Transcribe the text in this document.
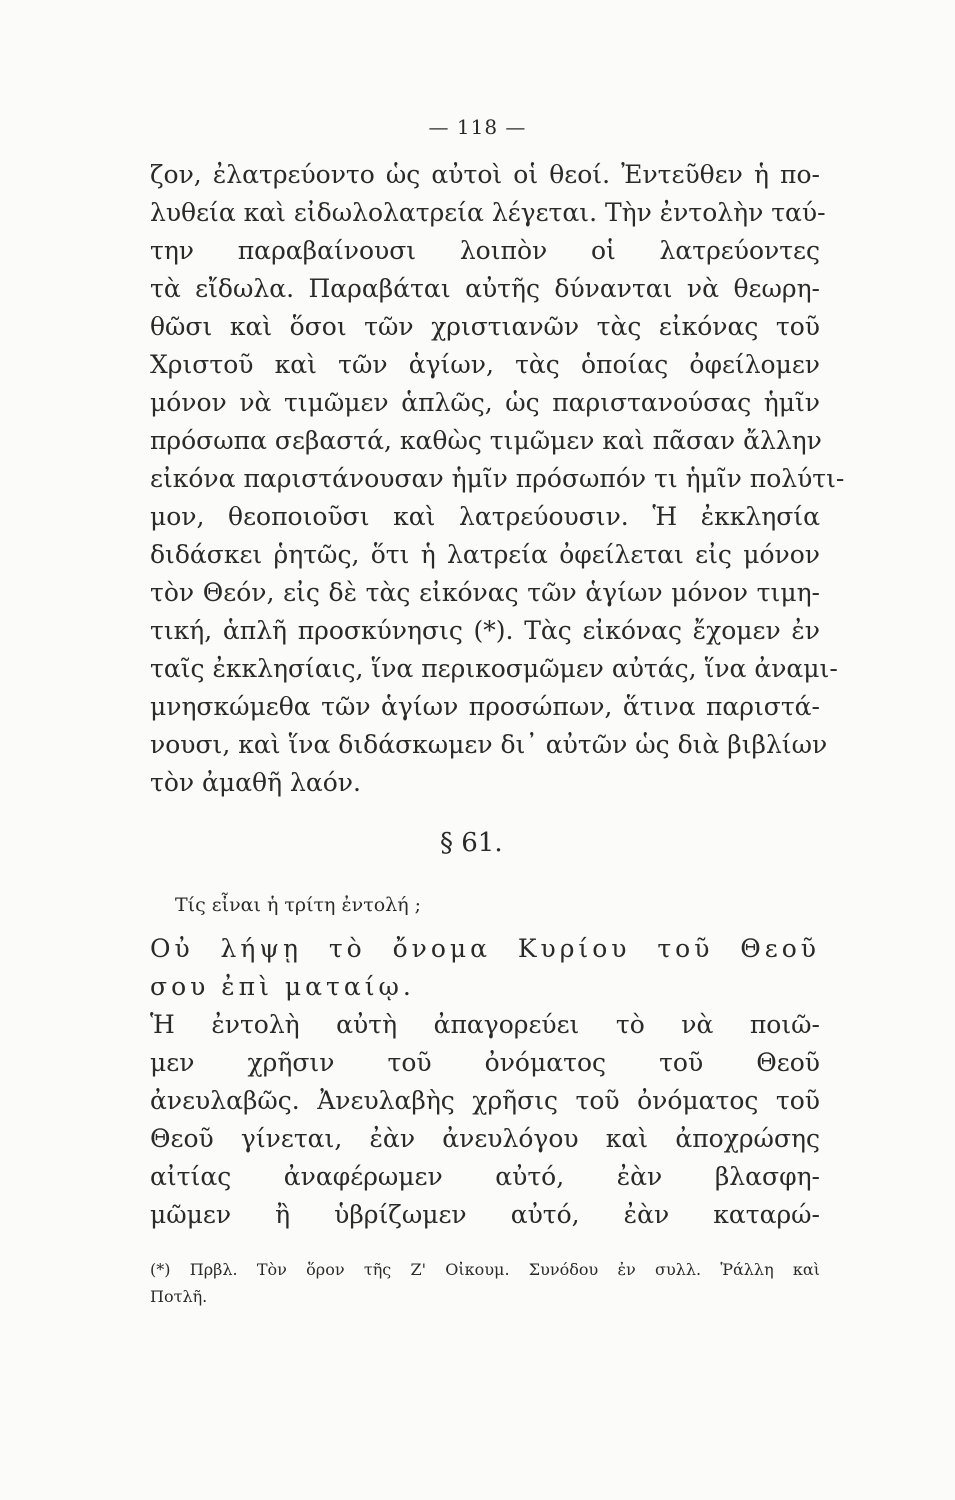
— 118 —
ζον, ἐλατρεύοντο ὡς αὐτοὶ οἱ θεοί. Ἐντεῦθεν ἡ πο-
λυθεία καὶ εἰδωλολατρεία λέγεται. Τὴν ἐντολὴν ταύ-
την παραβαίνουσι λοιπὸν οἱ λατρεύοντες
τὰ εἴδωλα. Παραβάται αὐτῆς δύνανται νὰ θεωρη-
θῶσι καὶ ὅσοι τῶν χριστιανῶν τὰς εἰκόνας τοῦ
Χριστοῦ καὶ τῶν ἁγίων, τὰς ὁποίας ὀφείλομεν
μόνον νὰ τιμῶμεν ἁπλῶς, ὡς παριστανούσας ἡμῖν
πρόσωπα σεβαστά, καθὼς τιμῶμεν καὶ πᾶσαν ἄλλην
εἰκόνα παριστάνουσαν ἡμῖν πρόσωπόν τι ἡμῖν πολύτι-
μον, θεοποιοῦσι καὶ λατρεύουσιν. Ἡ ἐκκλησία
διδάσκει ῥητῶς, ὅτι ἡ λατρεία ὀφείλεται εἰς μόνον
τὸν Θεόν, εἰς δὲ τὰς εἰκόνας τῶν ἁγίων μόνον τιμη-
τική, ἁπλῆ προσκύνησις (*). Τὰς εἰκόνας ἔχομεν ἐν
ταῖς ἐκκλησίαις, ἵνα περικοσμῶμεν αὐτάς, ἵνα ἀναμι-
μνησκώμεθα τῶν ἁγίων προσώπων, ἅτινα παριστά-
νουσι, καὶ ἵνα διδάσκωμεν δι᾽ αὐτῶν ὡς διὰ βιβλίων
τὸν ἀμαθῆ λαόν.
§ 61.
Τίς εἶναι ἡ τρίτη ἐντολή ;
Οὐ λήψῃ τὸ ὄνομα Κυρίου τοῦ Θεοῦ
σου ἐπὶ ματαίῳ.
Ἡ ἐντολὴ αὐτὴ ἀπαγορεύει τὸ νὰ ποιῶ-
μεν χρῆσιν τοῦ ὀνόματος τοῦ Θεοῦ
ἀνευλαβῶς. Ἀνευλαβὴς χρῆσις τοῦ ὀνόματος τοῦ
Θεοῦ γίνεται, ἐὰν ἀνευλόγου καὶ ἀποχρώσης
αἰτίας ἀναφέρωμεν αὐτό, ἐὰν βλασφη-
μῶμεν ἢ ὑβρίζωμεν αὐτό, ἐὰν καταρώ-
(*) Πρβλ. Τὸν ὅρον τῆς Ζ' Οἰκουμ. Συνόδου ἐν συλλ. Ῥάλλη καὶ
Ποτλῆ.
